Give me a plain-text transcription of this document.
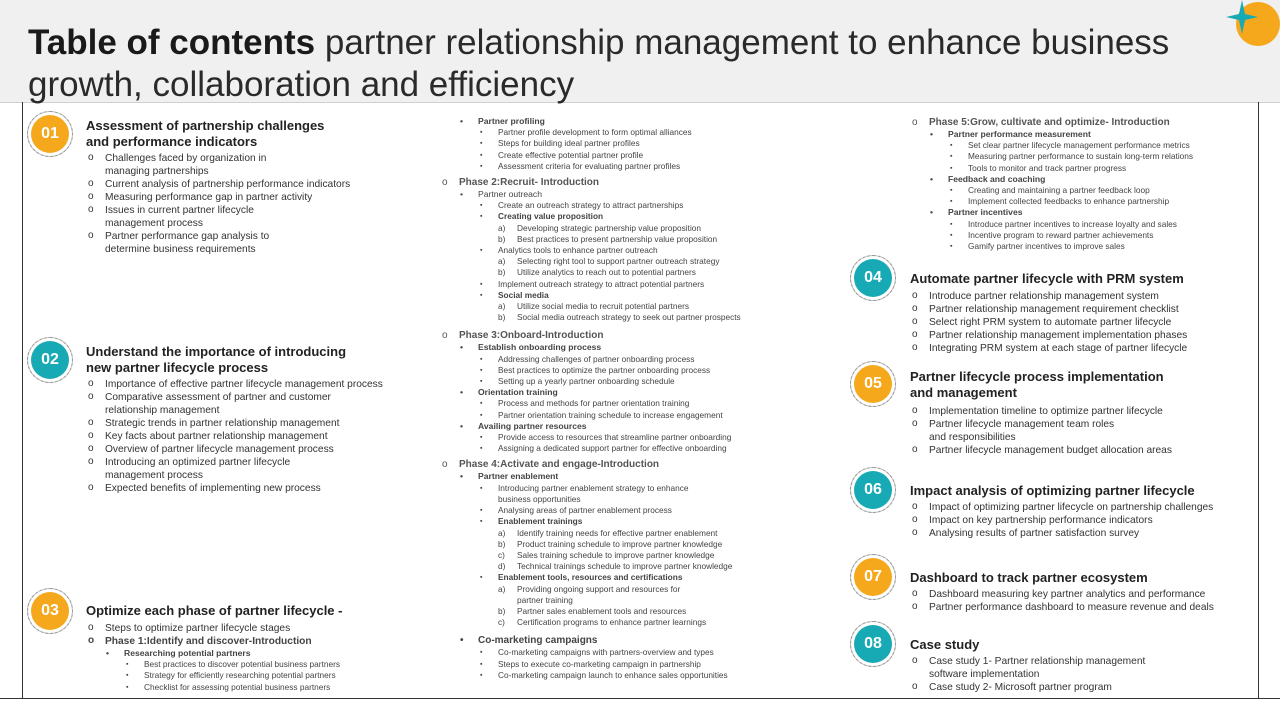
Table of contents partner relationship management to enhance business growth, collaboration and efficiency
01 Assessment of partnership challenges
and performance indicators
o Challenges faced by organization in
managing partnerships
o Current analysis of partnership performance indicators
o Measuring performance gap in partner activity
o Issues in current partner lifecycle
management process
o Partner performance gap analysis to
determine business requirements
02 Understand the importance of introducing
new partner lifecycle process
o Importance of effective partner lifecycle management process
o Comparative assessment of partner and customer
relationship management
o Strategic trends in partner relationship management
o Key facts about partner relationship management
o Overview of partner lifecycle management process
o Introducing an optimized partner lifecycle
management process
o Expected benefits of implementing new process
03 Optimize each phase of partner lifecycle -
o Steps to optimize partner lifecycle stages
o Phase 1:Identify and discover-Introduction
• Researching potential partners
▪ Best practices to discover potential business partners
▪ Strategy for efficiently researching potential partners
▪ Checklist for assessing potential business partners
• Partner profiling
▪ Partner profile development to form optimal alliances
▪ Steps for building ideal partner profiles
▪ Create effective potential partner profile
▪ Assessment criteria for evaluating partner profiles
o Phase 2:Recruit- Introduction
• Partner outreach
▪ Create an outreach strategy to attract partnerships
▪ Creating value proposition
a) Developing strategic partnership value proposition
b) Best practices to present partnership value proposition
▪ Analytics tools to enhance partner outreach
a) Selecting right tool to support partner outreach strategy
b) Utilize analytics to reach out to potential partners
▪ Implement outreach strategy to attract potential partners
▪ Social media
a) Utilize social media to recruit potential partners
b) Social media outreach strategy to seek out partner prospects
o Phase 3:Onboard-Introduction
• Establish onboarding process
▪ Addressing challenges of partner onboarding process
▪ Best practices to optimize the partner onboarding process
▪ Setting up a yearly partner onboarding schedule
• Orientation training
▪ Process and methods for partner orientation training
▪ Partner orientation training schedule to increase engagement
• Availing partner resources
▪ Provide access to resources that streamline partner onboarding
▪ Assigning a dedicated support partner for effective onboarding
o Phase 4:Activate and engage-Introduction
• Partner enablement
▪ Introducing partner enablement strategy to enhance
business opportunities
▪ Analysing areas of partner enablement process
▪ Enablement trainings
a) Identify training needs for effective partner enablement
b) Product training schedule to improve partner knowledge
c) Sales training schedule to improve partner knowledge
d) Technical trainings schedule to improve partner knowledge
▪ Enablement tools, resources and certifications
a) Providing ongoing support and resources for
partner training
b) Partner sales enablement tools and resources
c) Certification programs to enhance partner learnings
• Co-marketing campaigns
▪ Co-marketing campaigns with partners-overview and types
▪ Steps to execute co-marketing campaign in partnership
▪ Co-marketing campaign launch to enhance sales opportunities
o Phase 5:Grow, cultivate and optimize- Introduction
• Partner performance measurement
▪ Set clear partner lifecycle management performance metrics
▪ Measuring partner performance to sustain long-term relations
▪ Tools to monitor and track partner progress
• Feedback and coaching
▪ Creating and maintaining a partner feedback loop
▪ Implement collected feedbacks to enhance partnership
• Partner incentives
▪ Introduce partner incentives to increase loyalty and sales
▪ Incentive program to reward partner achievements
▪ Gamify partner incentives to improve sales
04 Automate partner lifecycle with PRM system
o Introduce partner relationship management system
o Partner relationship management requirement checklist
o Select right PRM system to automate partner lifecycle
o Partner relationship management implementation phases
o Integrating PRM system at each stage of partner lifecycle
05 Partner lifecycle process implementation
and management
o Implementation timeline to optimize partner lifecycle
o Partner lifecycle management team roles
and responsibilities
o Partner lifecycle management budget allocation areas
06 Impact analysis of optimizing partner lifecycle
o Impact of optimizing partner lifecycle on partnership challenges
o Impact on key partnership performance indicators
o Analysing results of partner satisfaction survey
07 Dashboard to track partner ecosystem
o Dashboard measuring key partner analytics and performance
o Partner performance dashboard to measure revenue and deals
08 Case study
o Case study 1- Partner relationship management
software implementation
o Case study 2- Microsoft partner program
